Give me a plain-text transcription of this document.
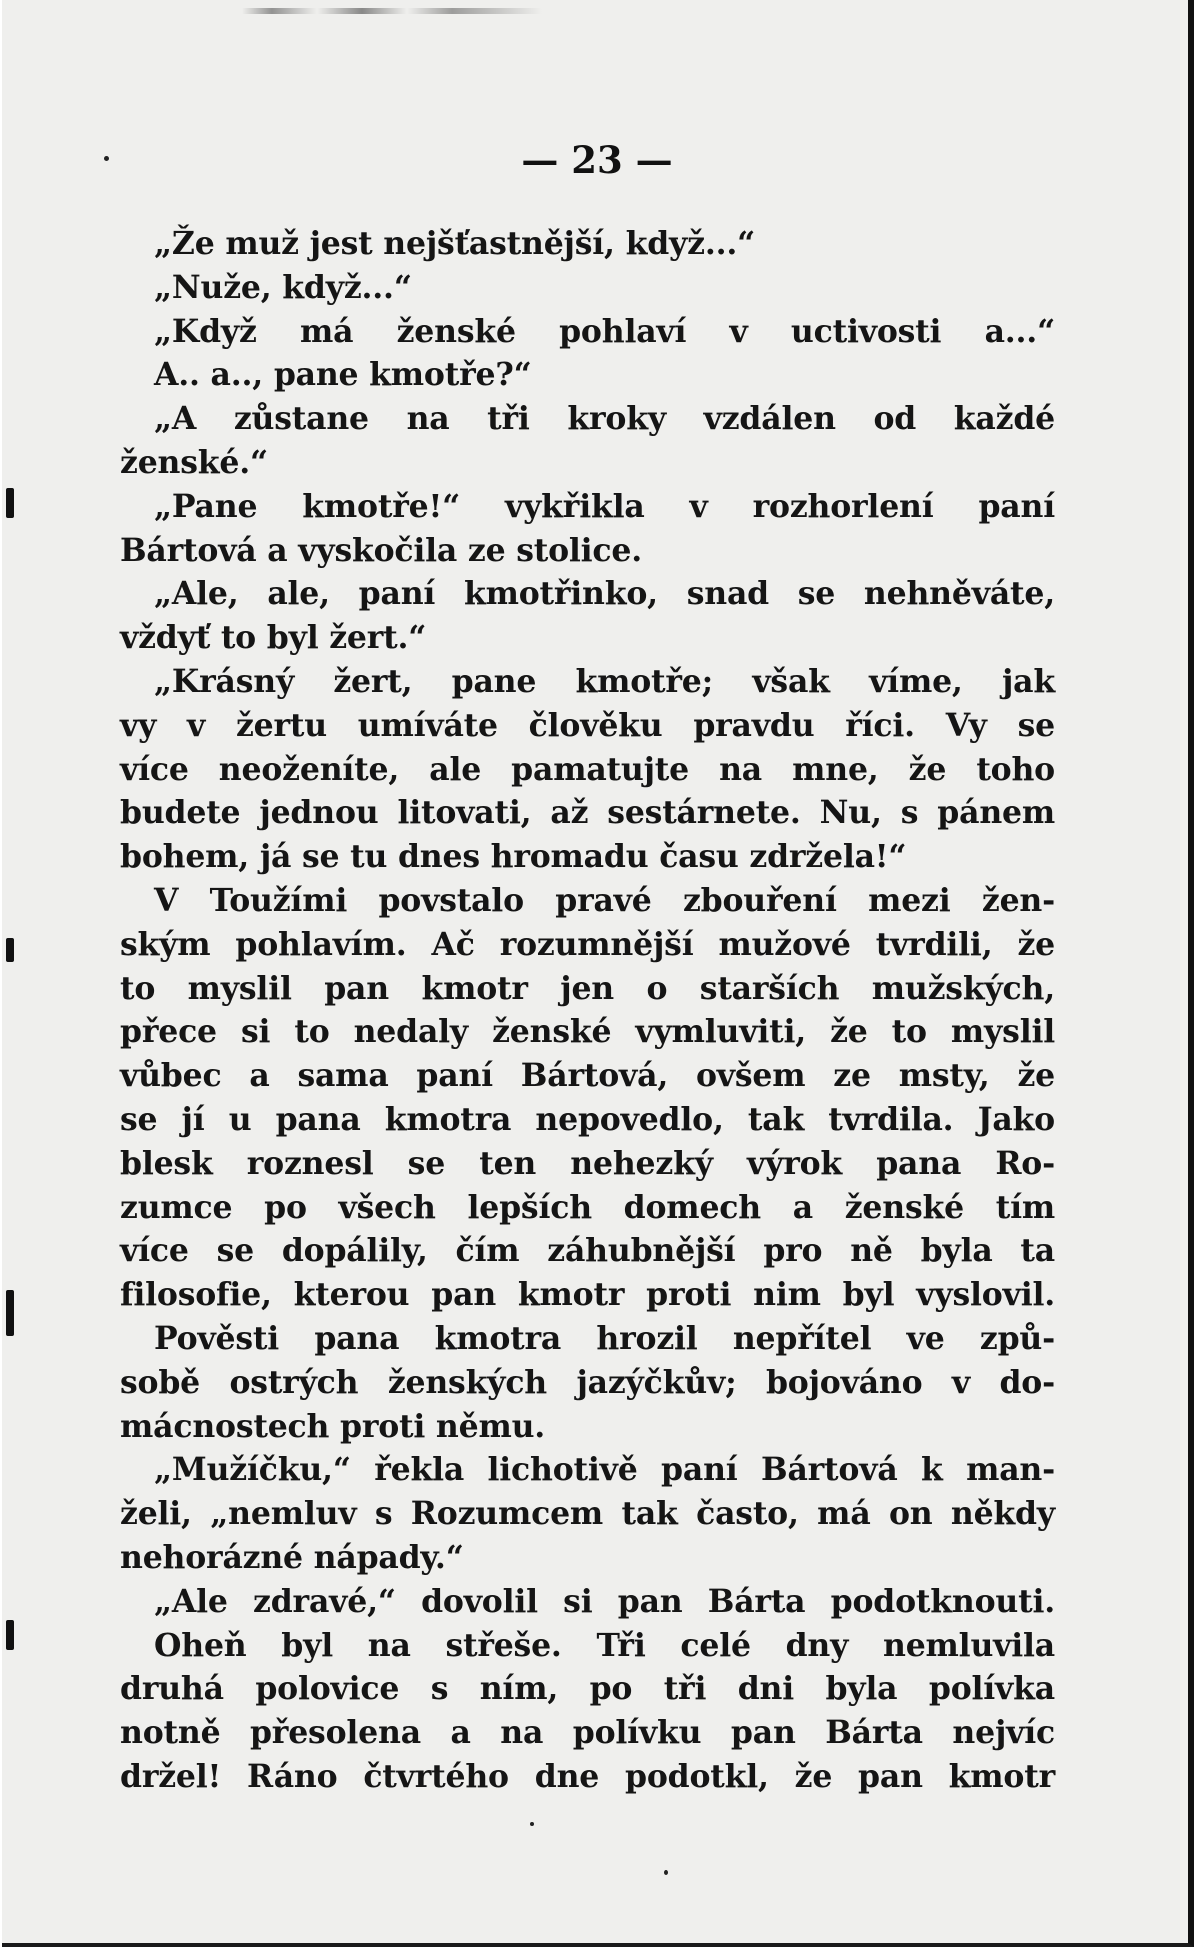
— 23 —
„Že muž jest nejšťastnější, když...“
„Nuže, když...“
„Když má ženské pohlaví v uctivosti a...“
A.. a.., pane kmotře?“
„A zůstane na tři kroky vzdálen od každé
ženské.“
„Pane kmotře!“ vykřikla v rozhorlení paní
Bártová a vyskočila ze stolice.
„Ale, ale, paní kmotřinko, snad se nehněváte,
vždyť to byl žert.“
„Krásný žert, pane kmotře; však víme, jak
vy v žertu umíváte člověku pravdu říci. Vy se
více neoženíte, ale pamatujte na mne, že toho
budete jednou litovati, až sestárnete. Nu, s pánem
bohem, já se tu dnes hromadu času zdržela!“
V Toužími povstalo pravé zbouření mezi žen-
ským pohlavím. Ač rozumnější mužové tvrdili, že
to myslil pan kmotr jen o starších mužských,
přece si to nedaly ženské vymluviti, že to myslil
vůbec a sama paní Bártová, ovšem ze msty, že
se jí u pana kmotra nepovedlo, tak tvrdila. Jako
blesk roznesl se ten nehezký výrok pana Ro-
zumce po všech lepších domech a ženské tím
více se dopálily, čím záhubnější pro ně byla ta
filosofie, kterou pan kmotr proti nim byl vyslovil.
Pověsti pana kmotra hrozil nepřítel ve způ-
sobě ostrých ženských jazýčkův; bojováno v do-
mácnostech proti němu.
„Mužíčku,“ řekla lichotivě paní Bártová k man-
želi, „nemluv s Rozumcem tak často, má on někdy
nehorázné nápady.“
„Ale zdravé,“ dovolil si pan Bárta podotknouti.
Oheň byl na střeše. Tři celé dny nemluvila
druhá polovice s ním, po tři dni byla polívka
notně přesolena a na polívku pan Bárta nejvíc
držel! Ráno čtvrtého dne podotkl, že pan kmotr
